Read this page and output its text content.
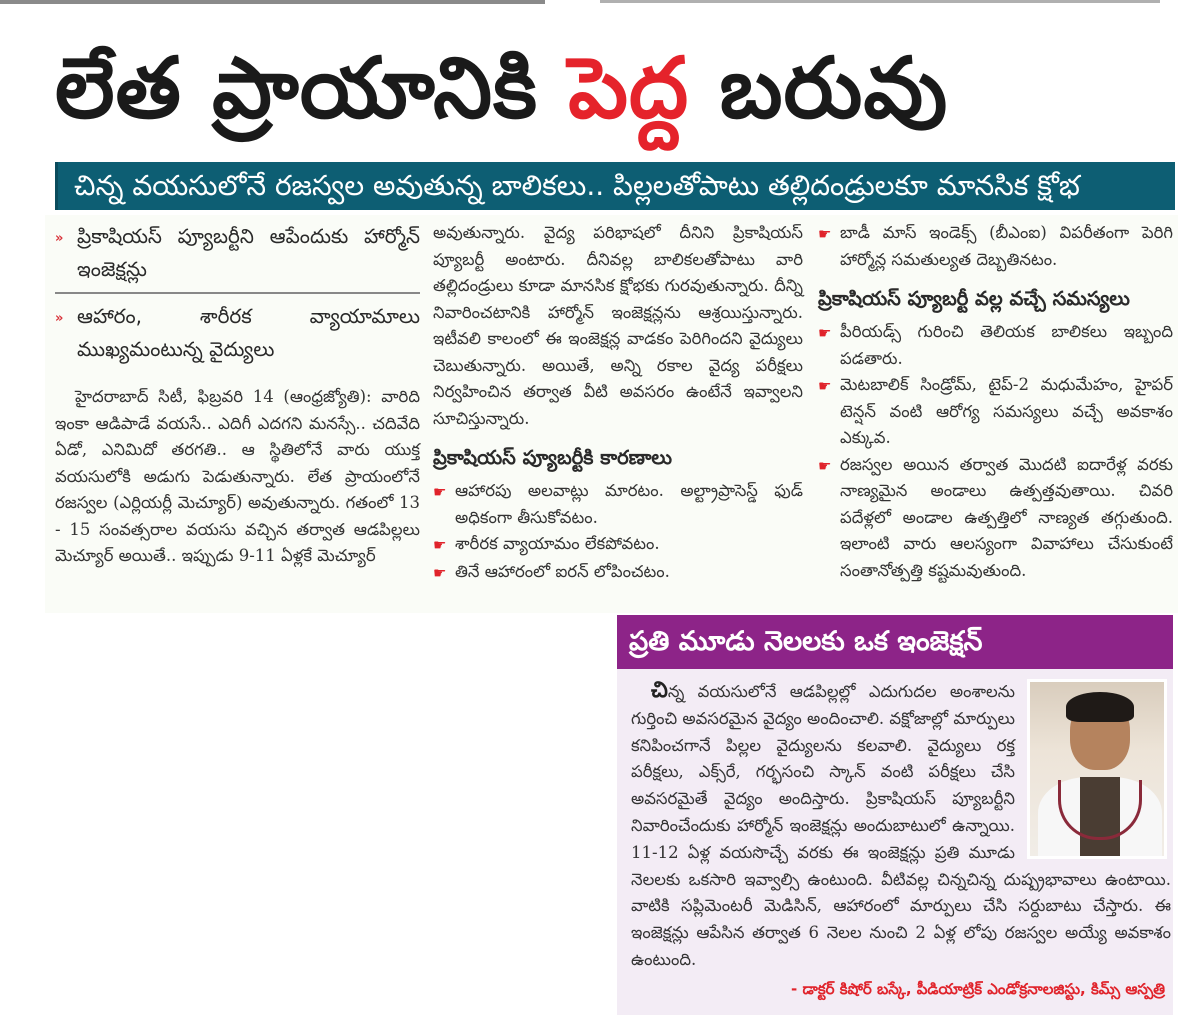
లేత ప్రాయానికి పెద్ద బరువు
చిన్న వయసులోనే రజస్వల అవుతున్న బాలికలు.. పిల్లలతోపాటు తల్లిదండ్రులకూ మానసిక క్షోభ
» ప్రికాషియస్ ప్యూబర్టీని ఆపేందుకు హార్మోన్ ఇంజెక్షన్లు
» ఆహారం, శారీరక వ్యాయామాలు ముఖ్యమంటున్న వైద్యులు

హైదరాబాద్ సిటీ, ఫిబ్రవరి 14 (ఆంధ్రజ్యోతి): వారిది ఇంకా ఆడిపాడే వయసే.. ఎదిగీ ఎదగని మనస్సే.. చదివేది ఏడో, ఎనిమిదో తరగతి.. ఆ స్థితిలోనే వారు యుక్త వయసులోకి అడుగు పెడుతున్నారు. లేత ప్రాయంలోనే రజస్వల (ఎర్లియర్లీ మెచ్యూర్) అవుతున్నారు. గతంలో 13 - 15 సంవత్సరాల వయసు వచ్చిన తర్వాత ఆడపిల్లలు మెచ్యూర్ అయితే.. ఇప్పుడు 9-11 ఏళ్లకే మెచ్యూర్

అవుతున్నారు. వైద్య పరిభాషలో దీనిని ప్రికాషియస్ ప్యూబర్టీ అంటారు. దీనివల్ల బాలికలతోపాటు వారి తల్లిదండ్రులు కూడా మానసిక క్షోభకు గురవుతున్నారు. దీన్ని నివారించటానికి హార్మోన్ ఇంజెక్షన్లను ఆశ్రయిస్తున్నారు. ఇటీవలి కాలంలో ఈ ఇంజెక్షన్ల వాడకం పెరిగిందని వైద్యులు చెబుతున్నారు. అయితే, అన్ని రకాల వైద్య పరీక్షలు నిర్వహించిన తర్వాత వీటి అవసరం ఉంటేనే ఇవ్వాలని సూచిస్తున్నారు.

ప్రికాషియస్ ప్యూబర్టీకి కారణాలు
☛ ఆహారపు అలవాట్లు మారటం. అల్ట్రాప్రాసెస్డ్ ఫుడ్ అధికంగా తీసుకోవటం.
☛ శారీరక వ్యాయామం లేకపోవటం.
☛ తినే ఆహారంలో ఐరన్ లోపించటం.
☛ బాడీ మాస్ ఇండెక్స్ (బీఎంఐ) విపరీతంగా పెరిగి హార్మోన్ల సమతుల్యత దెబ్బతినటం.
ప్రికాషియస్ ప్యూబర్టీ వల్ల వచ్చే సమస్యలు
☛ పీరియడ్స్ గురించి తెలియక బాలికలు ఇబ్బంది పడతారు.
☛ మెటబాలిక్ సిండ్రోమ్, టైప్-2 మధుమేహం, హైపర్ టెన్షన్ వంటి ఆరోగ్య సమస్యలు వచ్చే అవకాశం ఎక్కువ.
☛ రజస్వల అయిన తర్వాత మొదటి ఐదారేళ్ల వరకు నాణ్యమైన అండాలు ఉత్పత్తవుతాయి. చివరి పదేళ్లలో అండాల ఉత్పత్తిలో నాణ్యత తగ్గుతుంది. ఇలాంటి వారు ఆలస్యంగా వివాహాలు చేసుకుంటే సంతానోత్పత్తి కష్టమవుతుంది.
ప్రతి మూడు నెలలకు ఒక ఇంజెక్షన్

చిన్న వయసులోనే ఆడపిల్లల్లో ఎదుగుదల అంశాలను గుర్తించి అవసరమైన వైద్యం అందించాలి. వక్షోజాల్లో మార్పులు కనిపించగానే పిల్లల వైద్యులను కలవాలి. వైద్యులు రక్త పరీక్షలు, ఎక్స్‌రే, గర్భసంచి స్కాన్ వంటి పరీక్షలు చేసి అవసరమైతే వైద్యం అందిస్తారు. ప్రికాషియస్ ప్యూబర్టీని నివారించేందుకు హార్మోన్ ఇంజెక్షన్లు అందుబాటులో ఉన్నాయి. 11-12 ఏళ్ల వయసొచ్చే వరకు ఈ ఇంజెక్షన్లు ప్రతి మూడు నెలలకు ఒకసారి ఇవ్వాల్సి ఉంటుంది. వీటివల్ల చిన్నచిన్న దుష్ప్రభావాలు ఉంటాయి. వాటికి సప్లిమెంటరీ మెడిసిన్, ఆహారంలో మార్పులు చేసి సర్దుబాటు చేస్తారు. ఈ ఇంజెక్షన్లు ఆపేసిన తర్వాత 6 నెలల నుంచి 2 ఏళ్ల లోపు రజస్వల అయ్యే అవకాశం ఉంటుంది.

- డాక్టర్ కిషోర్ బస్కే, పీడియాట్రిక్ ఎండోక్రనాలజిస్టు, కిమ్స్ ఆస్పత్రి
